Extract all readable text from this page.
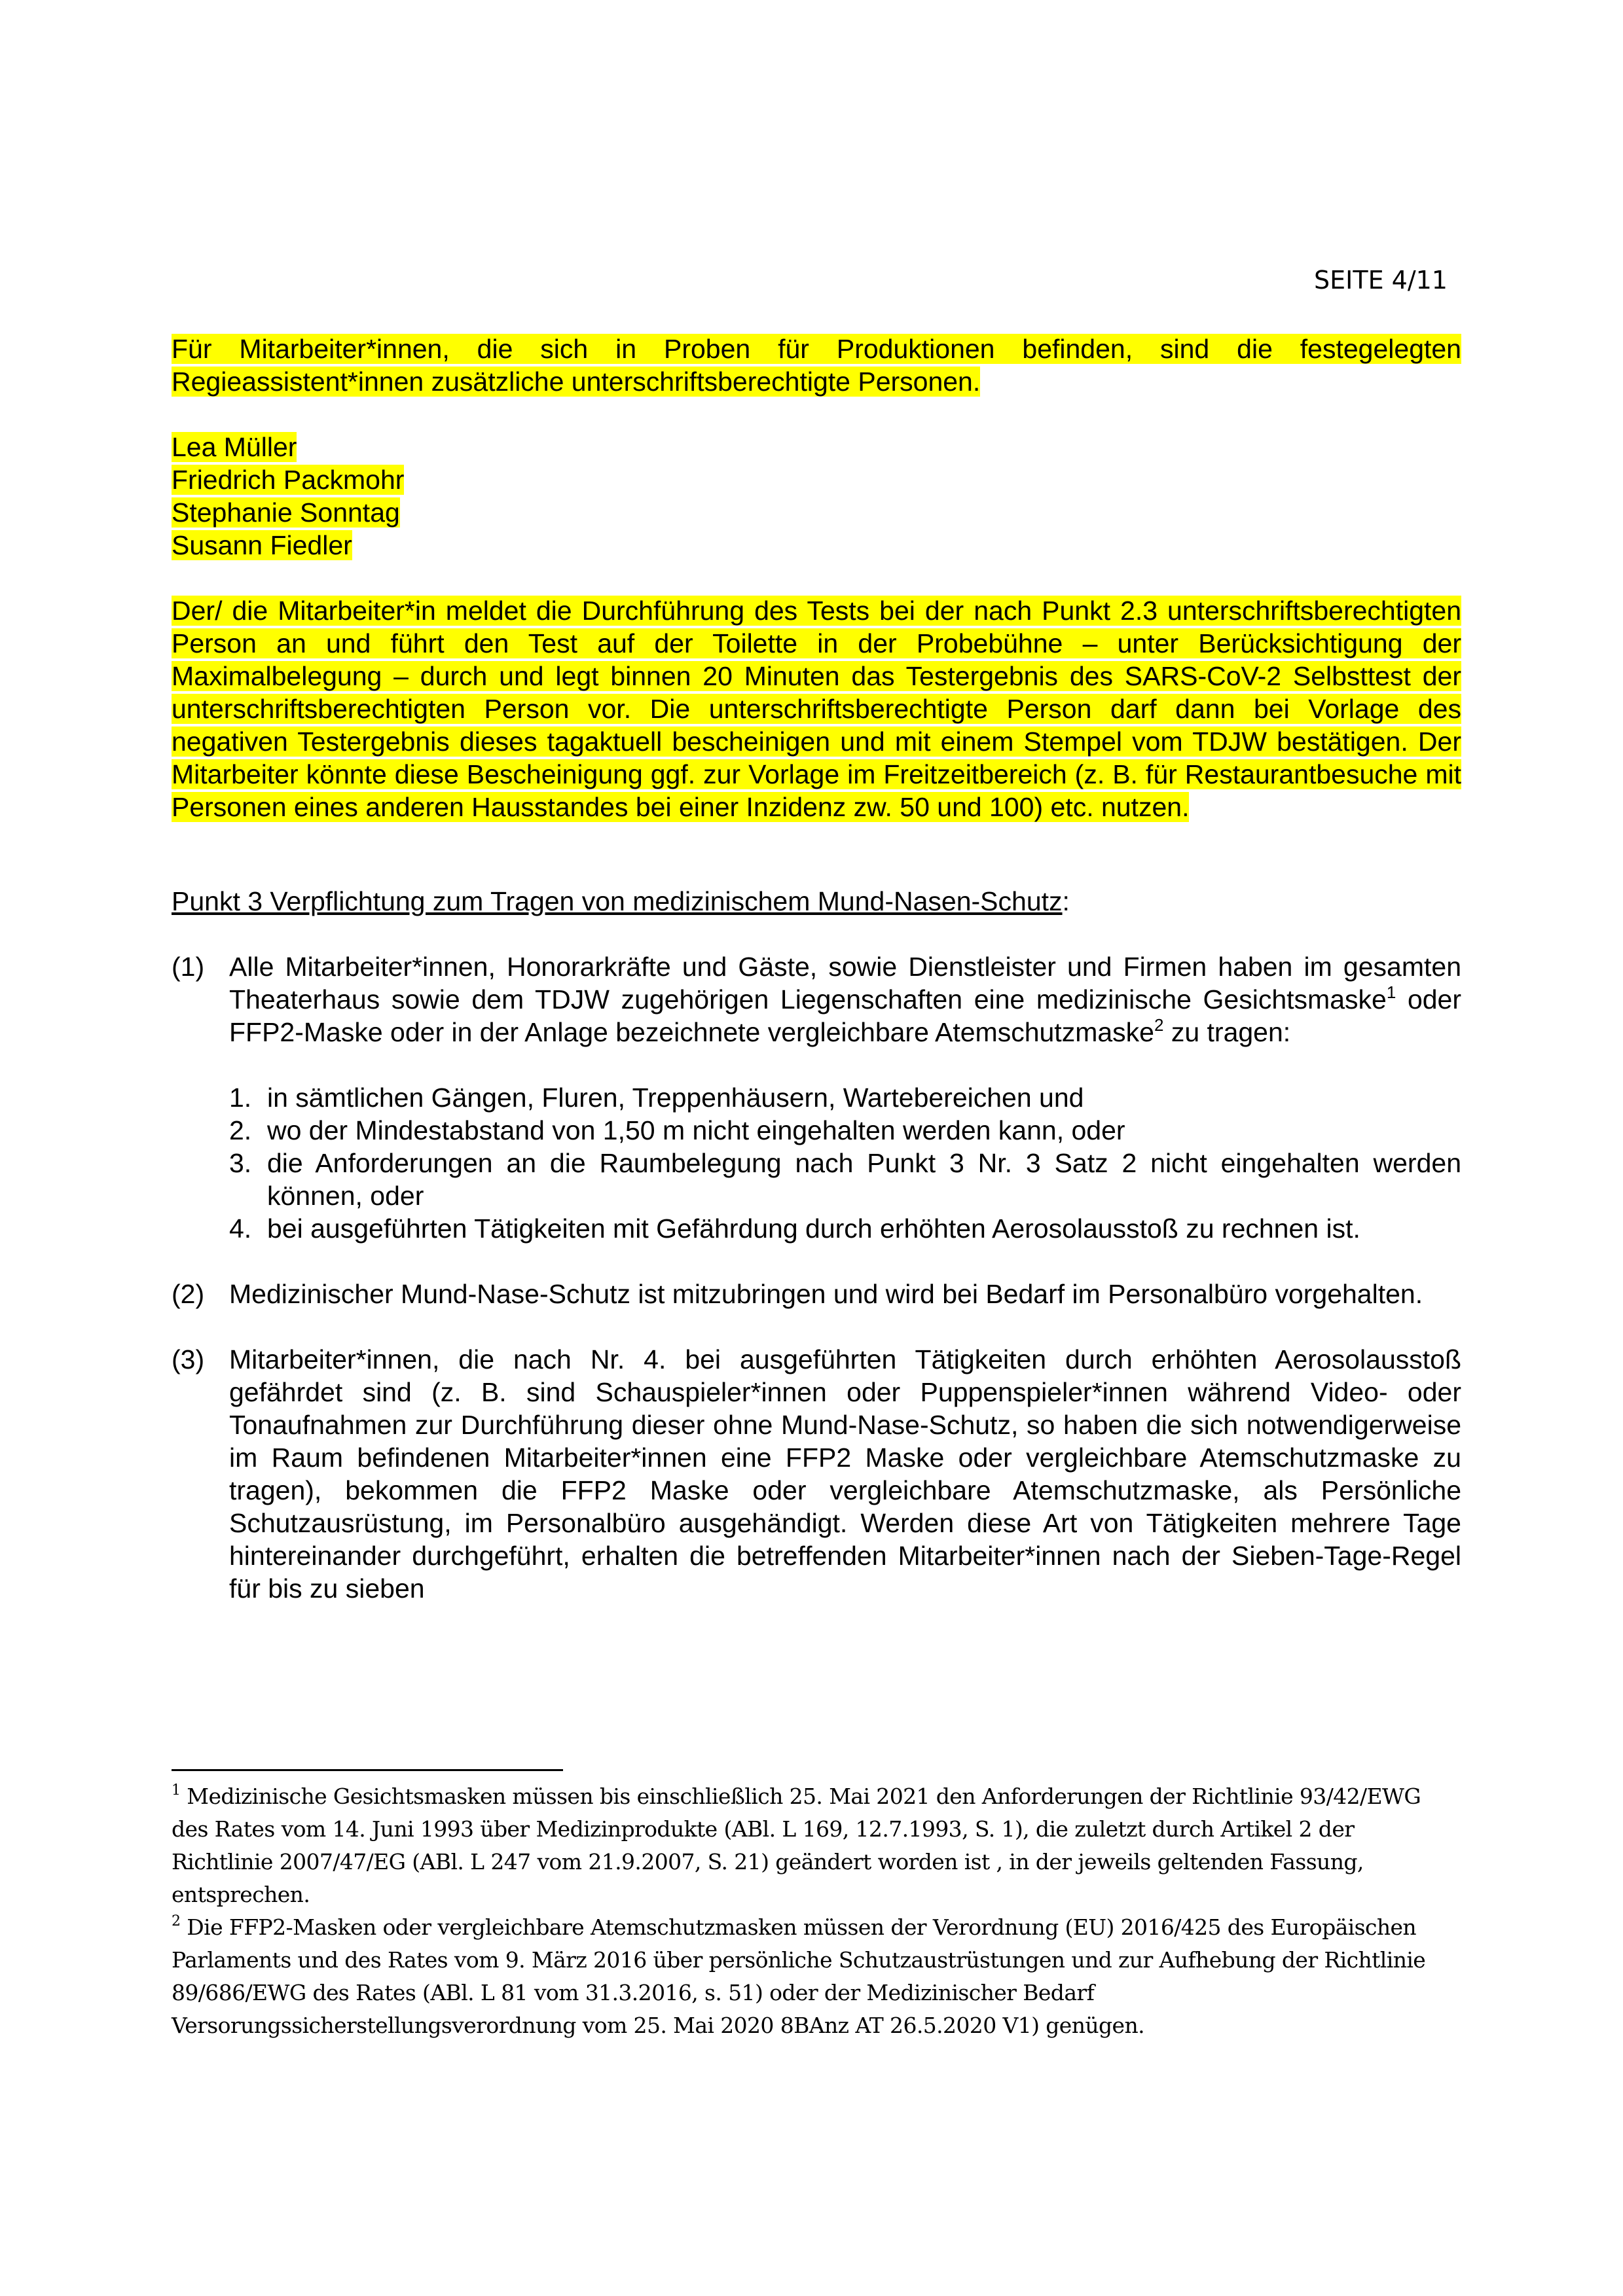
SEITE 4/11
Für Mitarbeiter*innen, die sich in Proben für Produktionen befinden, sind die festegelegten Regieassistent*innen zusätzliche unterschriftsberechtigte Personen.
Lea Müller
Friedrich Packmohr
Stephanie Sonntag
Susann Fiedler
Der/ die Mitarbeiter*in meldet die Durchführung des Tests bei der nach Punkt 2.3 unterschriftsberechtigten Person an und führt den Test auf der Toilette in der Probebühne – unter Berücksichtigung der Maximalbelegung – durch und legt binnen 20 Minuten das Testergebnis des SARS-CoV-2 Selbsttest der unterschriftsberechtigten Person vor. Die unterschriftsberechtigte Person darf dann bei Vorlage des negativen Testergebnis dieses tagaktuell bescheinigen und mit einem Stempel vom TDJW bestätigen. Der Mitarbeiter könnte diese Bescheinigung ggf. zur Vorlage im Freitzeitbereich (z. B. für Restaurantbesuche mit Personen eines anderen Hausstandes bei einer Inzidenz zw. 50 und 100) etc. nutzen.
Punkt 3 Verpflichtung zum Tragen von medizinischem Mund-Nasen-Schutz:
(1) Alle Mitarbeiter*innen, Honorarkräfte und Gäste, sowie Dienstleister und Firmen haben im gesamten Theaterhaus sowie dem TDJW zugehörigen Liegenschaften eine medizinische Gesichtsmaske$^1$ oder FFP2-Maske oder in der Anlage bezeichnete vergleichbare Atemschutzmaske$^2$ zu tragen:
1. in sämtlichen Gängen, Fluren, Treppenhäusern, Wartebereichen und
2. wo der Mindestabstand von 1,50 m nicht eingehalten werden kann, oder
3. die Anforderungen an die Raumbelegung nach Punkt 3 Nr. 3 Satz 2 nicht eingehalten werden können, oder
4. bei ausgeführten Tätigkeiten mit Gefährdung durch erhöhten Aerosolausstoß zu rechnen ist.
(2) Medizinischer Mund-Nase-Schutz ist mitzubringen und wird bei Bedarf im Personalbüro vorgehalten.
(3) Mitarbeiter*innen, die nach Nr. 4. bei ausgeführten Tätigkeiten durch erhöhten Aerosolausstoß gefährdet sind (z. B. sind Schauspieler*innen oder Puppenspieler*innen während Video- oder Tonaufnahmen zur Durchführung dieser ohne Mund-Nase-Schutz, so haben die sich notwendigerweise im Raum befindenen Mitarbeiter*innen eine FFP2 Maske oder vergleichbare Atemschutzmaske zu tragen), bekommen die FFP2 Maske oder vergleichbare Atemschutzmaske, als Persönliche Schutzausrüstung, im Personalbüro ausgehändigt. Werden diese Art von Tätigkeiten mehrere Tage hintereinander durchgeführt, erhalten die betreffenden Mitarbeiter*innen nach der Sieben-Tage-Regel für bis zu sieben
$^1$ Medizinische Gesichtsmasken müssen bis einschließlich 25. Mai 2021 den Anforderungen der Richtlinie 93/42/EWG des Rates vom 14. Juni 1993 über Medizinprodukte (ABl. L 169, 12.7.1993, S. 1), die zuletzt durch Artikel 2 der Richtlinie 2007/47/EG (ABl. L 247 vom 21.9.2007, S. 21) geändert worden ist , in der jeweils geltenden Fassung, entsprechen.
$^2$ Die FFP2-Masken oder vergleichbare Atemschutzmasken müssen der Verordnung (EU) 2016/425 des Europäischen Parlaments und des Rates vom 9. März 2016 über persönliche Schutzaustrüstungen und zur Aufhebung der Richtlinie 89/686/EWG des Rates (ABl. L 81 vom 31.3.2016, s. 51) oder der Medizinischer Bedarf Versorungssicherstellungsverordnung vom 25. Mai 2020 8BAnz AT 26.5.2020 V1) genügen.
